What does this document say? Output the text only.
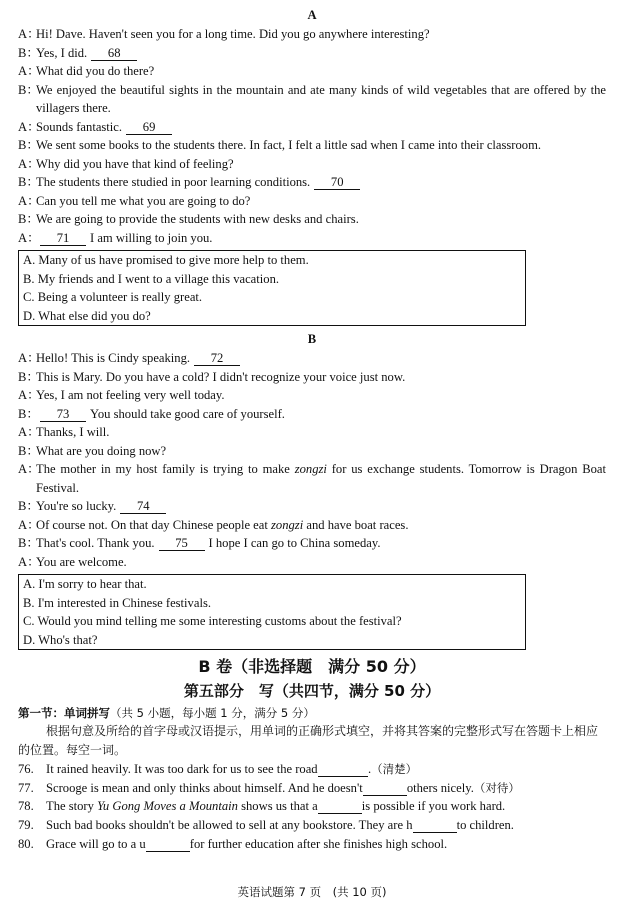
A
A：
Hi! Dave. Haven't seen you for a long time. Did you go anywhere interesting?
B：
Yes, I did. 68
A：
What did you do there?
B：
We enjoyed the beautiful sights in the mountain and ate many kinds of wild vegetables that are offered by the villagers there.
A：
Sounds fantastic. 69
B：
We sent some books to the students there. In fact, I felt a little sad when I came into their classroom.
A：
Why did you have that kind of feeling?
B：
The students there studied in poor learning conditions. 70
A：
Can you tell me what you are going to do?
B：
We are going to provide the students with new desks and chairs.
A：	71 I am willing to join you.
A. Many of us have promised to give more help to them.
B. My friends and I went to a village this vacation.
C. Being a volunteer is really great.
D. What else did you do?
B
A：
Hello! This is Cindy speaking. 72
B：
This is Mary. Do you have a cold? I didn't recognize your voice just now.
A：
Yes, I am not feeling very well today.
B：	73 You should take good care of yourself.
A：
Thanks, I will.
B：
What are you doing now?
A：
The mother in my host family is trying to make zongzi for us exchange students. Tomorrow is Dragon Boat Festival.
B：
You're so lucky. 74
A：
Of course not. On that day Chinese people eat zongzi and have boat races.
B：
That's cool. Thank you. 75 I hope I can go to China someday.
A：
You are welcome.
A. I'm sorry to hear that.
B. I'm interested in Chinese festivals.
C. Would you mind telling me some interesting customs about the festival?
D. Who's that?
B 卷（非选择题　满分 50 分）
第五部分　写（共四节，满分 50 分）
第一节：单词拼写（共 5 小题，每小题 1 分，满分 5 分）
根据句意及所给的首字母或汉语提示，用单词的正确形式填空，并将其答案的完整形式写在答题卡上相应的位置。每空一词。
76. It rained heavily. It was too dark for us to see the road	.（清楚）
77. Scrooge is mean and only thinks about himself. And he doesn't	others nicely.（对待）
78. The story Yu Gong Moves a Mountain shows us that a	is possible if you work hard.
79. Such bad books shouldn't be allowed to sell at any bookstore. They are h	to children.
80. Grace will go to a u	for further education after she finishes high school.
英语试题第 7 页　(共 10 页)
